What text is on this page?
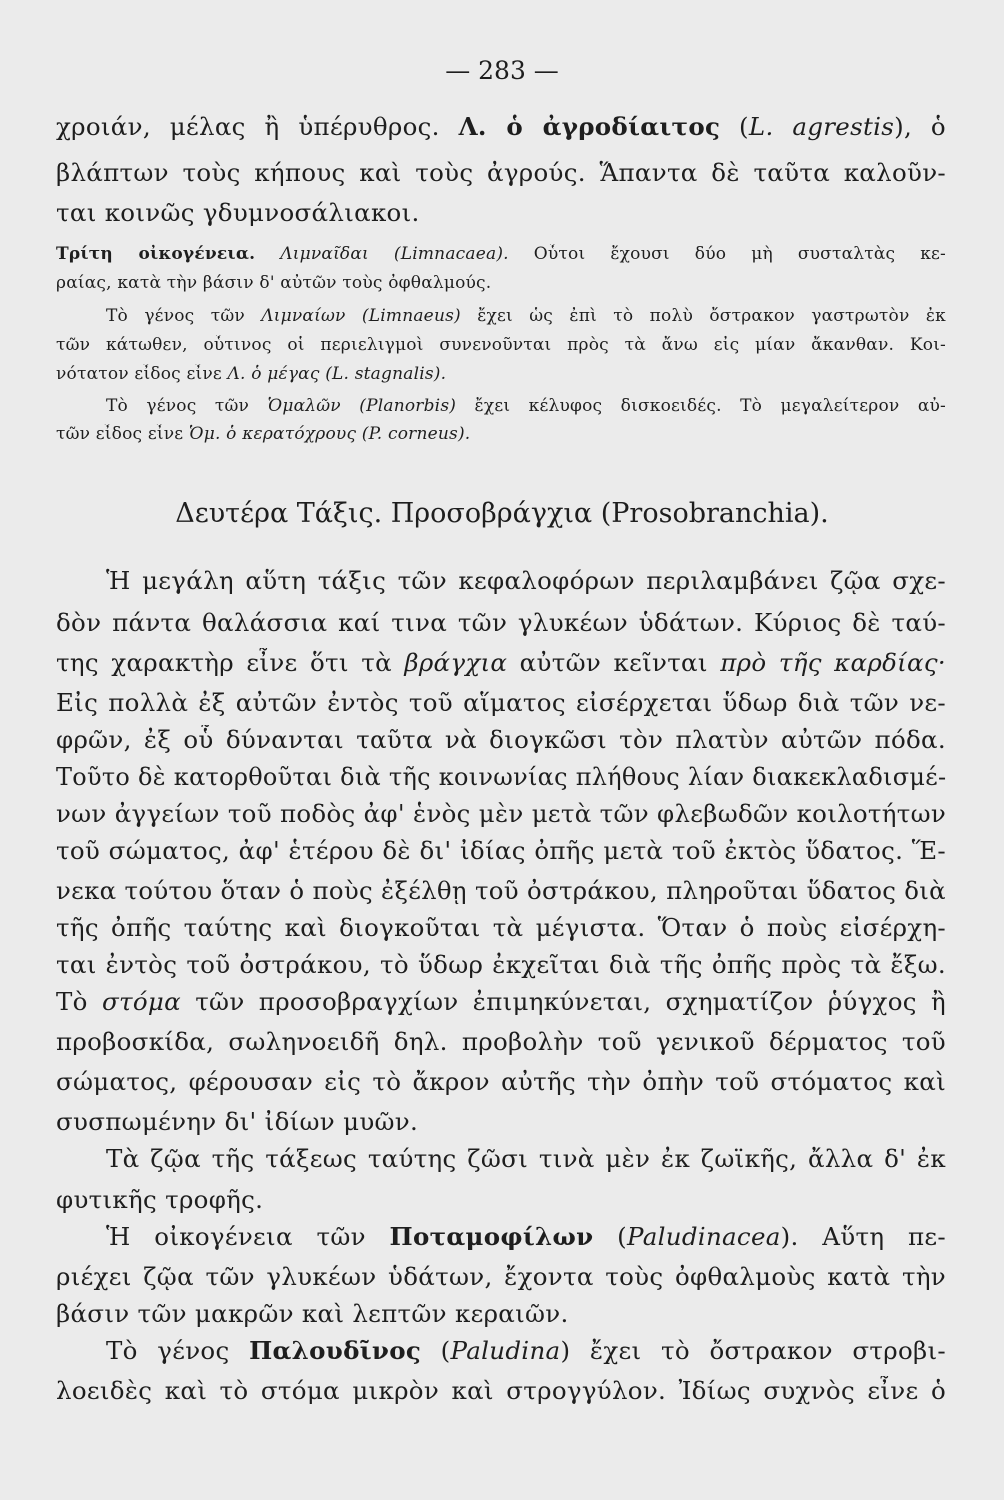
— 283 —
χροιάν, μέλας ἢ ὑπέρυθρος. Λ. ὁ ἀγροδίαιτος (L. agrestis), ὁ
βλάπτων τοὺς κήπους καὶ τοὺς ἀγρούς. Ἅπαντα δὲ ταῦτα καλοῦν-
ται κοινῶς γδυμνοσάλιακοι.
Τρίτη οἰκογένεια. Λιμναῖδαι (Limnacaea). Οὗτοι ἔχουσι δύο μὴ συσταλτὰς κε-
ραίας, κατὰ τὴν βάσιν δ' αὐτῶν τοὺς ὀφθαλμούς.
Τὸ γένος τῶν Λιμναίων (Limnaeus) ἔχει ὡς ἐπὶ τὸ πολὺ ὄστρακον γαστρωτὸν ἐκ
τῶν κάτωθεν, οὗτινος οἱ περιελιγμοὶ συνενοῦνται πρὸς τὰ ἄνω εἰς μίαν ἄκανθαν. Κοι-
νότατον εἶδος εἶνε Λ. ὁ μέγας (L. stagnalis).
Τὸ γένος τῶν Ὁμαλῶν (Planorbis) ἔχει κέλυφος δισκοειδές. Τὸ μεγαλείτερον αὐ-
τῶν εἶδος εἶνε Ὁμ. ὁ κερατόχρους (P. corneus).
Δευτέρα Τάξις. Προσοβράγχια (Prosobranchia).
Ἡ μεγάλη αὕτη τάξις τῶν κεφαλοφόρων περιλαμβάνει ζῷα σχε-
δὸν πάντα θαλάσσια καί τινα τῶν γλυκέων ὑδάτων. Κύριος δὲ ταύ-
της χαρακτὴρ εἶνε ὅτι τὰ βράγχια αὐτῶν κεῖνται πρὸ τῆς καρδίας·
Εἰς πολλὰ ἐξ αὐτῶν ἐντὸς τοῦ αἵματος εἰσέρχεται ὕδωρ διὰ τῶν νε-
φρῶν, ἐξ οὗ δύνανται ταῦτα νὰ διογκῶσι τὸν πλατὺν αὐτῶν πόδα.
Τοῦτο δὲ κατορθοῦται διὰ τῆς κοινωνίας πλήθους λίαν διακεκλαδισμέ-
νων ἀγγείων τοῦ ποδὸς ἀφ' ἑνὸς μὲν μετὰ τῶν φλεβωδῶν κοιλοτήτων
τοῦ σώματος, ἀφ' ἑτέρου δὲ δι' ἰδίας ὀπῆς μετὰ τοῦ ἐκτὸς ὕδατος. Ἕ-
νεκα τούτου ὅταν ὁ ποὺς ἐξέλθῃ τοῦ ὀστράκου, πληροῦται ὕδατος διὰ
τῆς ὀπῆς ταύτης καὶ διογκοῦται τὰ μέγιστα. Ὅταν ὁ ποὺς εἰσέρχη-
ται ἐντὸς τοῦ ὀστράκου, τὸ ὕδωρ ἐκχεῖται διὰ τῆς ὀπῆς πρὸς τὰ ἔξω.
Τὸ στόμα τῶν προσοβραγχίων ἐπιμηκύνεται, σχηματίζον ῥύγχος ἢ
προβοσκίδα, σωληνοειδῆ δηλ. προβολὴν τοῦ γενικοῦ δέρματος τοῦ
σώματος, φέρουσαν εἰς τὸ ἄκρον αὐτῆς τὴν ὀπὴν τοῦ στόματος καὶ
συσπωμένην δι' ἰδίων μυῶν.
Τὰ ζῷα τῆς τάξεως ταύτης ζῶσι τινὰ μὲν ἐκ ζωϊκῆς, ἄλλα δ' ἐκ
φυτικῆς τροφῆς.
Ἡ οἰκογένεια τῶν Ποταμοφίλων (Paludinacea). Αὕτη πε-
ριέχει ζῷα τῶν γλυκέων ὑδάτων, ἔχοντα τοὺς ὀφθαλμοὺς κατὰ τὴν
βάσιν τῶν μακρῶν καὶ λεπτῶν κεραιῶν.
Τὸ γένος Παλουδῖνος (Paludina) ἔχει τὸ ὄστρακον στροβι-
λοειδὲς καὶ τὸ στόμα μικρὸν καὶ στρογγύλον. Ἰδίως συχνὸς εἶνε ὁ
